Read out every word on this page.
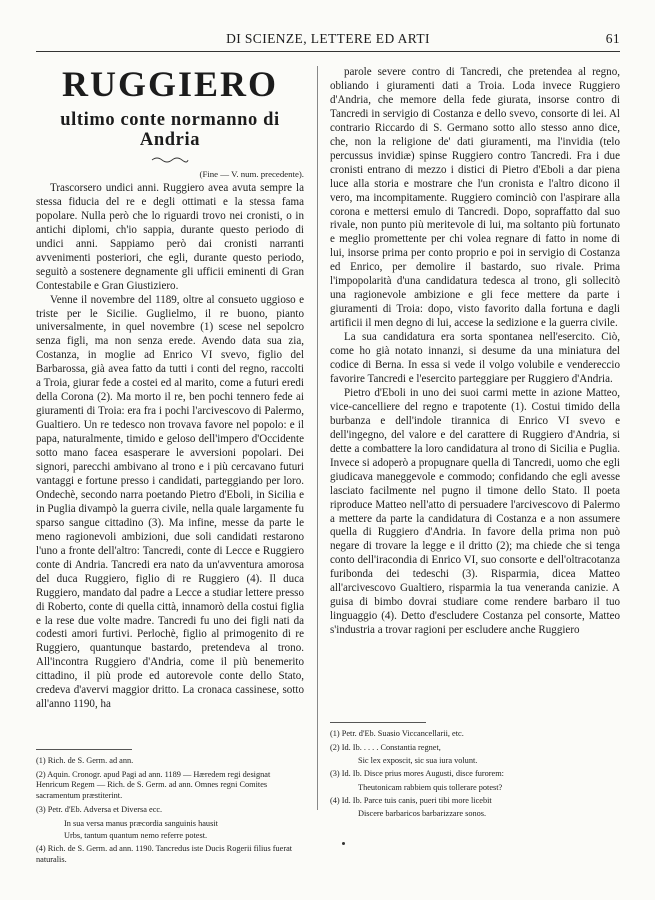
DI SCIENZE, LETTERE ED ARTI	61
RUGGIERO
ultimo conte normanno di Andria

(Fine — V. num. precedente).

Trascorsero undici anni. Ruggiero avea avuta sempre la stessa fiducia del re e degli ottimati e la stessa fama popolare. Nulla però che lo riguardi trovo nei cronisti, o in antichi diplomi, ch'io sappia, durante questo periodo di undici anni. Sappiamo però dai cronisti narranti avvenimenti posteriori, che egli, durante questo periodo, seguitò a sostenere degnamente gli ufficii eminenti di Gran Contestabile e Gran Giustiziero.

Venne il novembre del 1189, oltre al consueto uggioso e triste per le Sicilie. Guglielmo, il re buono, pianto universalmente, in quel novembre (1) scese nel sepolcro senza figli, ma non senza erede. Avendo data sua zia, Costanza, in moglie ad Enrico VI svevo, figlio del Barbarossa, già avea fatto da tutti i conti del regno, raccolti a Troia, giurar fede a costei ed al marito, come a futuri eredi della Corona (2). Ma morto il re, ben pochi tennero fede ai giuramenti di Troia: era fra i pochi l'arcivescovo di Palermo, Gualtiero. Un re tedesco non trovava favore nel popolo: e il papa, naturalmente, timido e geloso dell'impero d'Occidente sotto mano facea esasperare le avversioni popolari. Dei signori, parecchi ambivano al trono e i più cercavano futuri vantaggi e fortune presso i candidati, parteggiando per loro. Ondechè, secondo narra poetando Pietro d'Eboli, in Sicilia e in Puglia divampò la guerra civile, nella quale largamente fu sparso sangue cittadino (3). Ma infine, messe da parte le meno ragionevoli ambizioni, due soli candidati restarono l'uno a fronte dell'altro: Tancredi, conte di Lecce e Ruggiero conte di Andria. Tancredi era nato da un'avventura amorosa del duca Ruggiero, figlio di re Ruggiero (4). Il duca Ruggiero, mandato dal padre a Lecce a studiar lettere presso di Roberto, conte di quella città, innamorò della costui figlia e la rese due volte madre. Tancredi fu uno dei figli nati da codesti amori furtivi. Perlochè, figlio al primogenito di re Ruggiero, quantunque bastardo, pretendeva al trono. All'incontra Ruggiero d'Andria, come il più benemerito cittadino, il più prode ed autorevole conte dello Stato, credeva d'avervi maggior dritto. La cronaca cassinese, sotto all'anno 1190, ha

parole severe contro di Tancredi, che pretendea al regno, obliando i giuramenti dati a Troia. Loda invece Ruggiero d'Andria, che memore della fede giurata, insorse contro di Tancredi in servigio di Costanza e dello svevo, consorte di lei. Al contrario Riccardo di S. Germano sotto allo stesso anno dice, che, non la religione de' dati giuramenti, ma l'invidia (telo percussus invidiæ) spinse Ruggiero contro Tancredi. Fra i due cronisti entrano di mezzo i distici di Pietro d'Eboli a dar piena luce alla storia e mostrare che l'un cronista e l'altro dicono il vero, ma incompitamente. Ruggiero cominciò con l'aspirare alla corona e mettersi emulo di Tancredi. Dopo, sopraffatto dal suo rivale, non punto più meritevole di lui, ma soltanto più fortunato e meglio promettente per chi volea regnare di fatto in nome di lui, insorse prima per conto proprio e poi in servigio di Costanza ed Enrico, per demolire il bastardo, suo rivale. Prima l'impopolarità d'una candidatura tedesca al trono, gli sollecitò una ragionevole ambizione e gli fece mettere da parte i giuramenti di Troia: dopo, visto favorito dalla fortuna e dagli artificii il men degno di lui, accese la sedizione e la guerra civile.

La sua candidatura era sorta spontanea nell'esercito. Ciò, come ho già notato innanzi, si desume da una miniatura del codice di Berna. In essa si vede il volgo volubile e vendereccio favorire Tancredi e l'esercito parteggiare per Ruggiero d'Andria.

Pietro d'Eboli in uno dei suoi carmi mette in azione Matteo, vice-cancelliere del regno e trapotente (1). Costui timido della burbanza e dell'indole tirannica di Enrico VI svevo e dell'ingegno, del valore e del carattere di Ruggiero d'Andria, si dette a combattere la loro candidatura al trono di Sicilia e Puglia. Invece si adoperò a propugnare quella di Tancredi, uomo che egli giudicava maneggevole e commodo; confidando che egli avesse lasciato facilmente nel pugno il timone dello Stato. Il poeta riproduce Matteo nell'atto di persuadere l'arcivescovo di Palermo a mettere da parte la candidatura di Costanza e a non assumere quella di Ruggiero d'Andria. In favore della prima non può negare di trovare la legge e il dritto (2); ma chiede che si tenga conto dell'iracondia di Enrico VI, suo consorte e dell'oltracotanza furibonda dei tedeschi (3). Risparmia, dicea Matteo all'arcivescovo Gualtiero, risparmia la tua veneranda canizie. A guisa di bimbo dovrai studiare come rendere barbaro il tuo linguaggio (4). Detto d'escludere Costanza pel consorte, Matteo s'industria a trovar ragioni per escludere anche Ruggiero

(1) Rich. de S. Germ. ad ann.
(2) Aquin. Cronogr. apud Pagi ad ann. 1189 — Hæredem regi designat Henricum Regem — Rich. de S. Germ. ad ann. Omnes regni Comites sacramentum præstiterint.
(3) Petr. d'Eb. Adversa et Diversa ecc.
In sua versa manus præcordia sanguinis hausit
Urbs, tantum quantum nemo referre potest.
(4) Rich. de S. Germ. ad ann. 1190. Tancredus iste Ducis Rogerii filius fuerat naturalis.
(1) Petr. d'Eb. Suasio Viccancellarii, etc.
(2) Id. Ib. . . . . Constantia regnet,
Sic lex exposcit, sic sua iura volunt.
(3) Id. Ib. Disce prius mores Augusti, disce furorem:
Theutonicam rabbiem quis tollerare potest?
(4) Id. Ib. Parce tuis canis, pueri tibi more licebit
Discere barbaricos barbarizzare sonos.
